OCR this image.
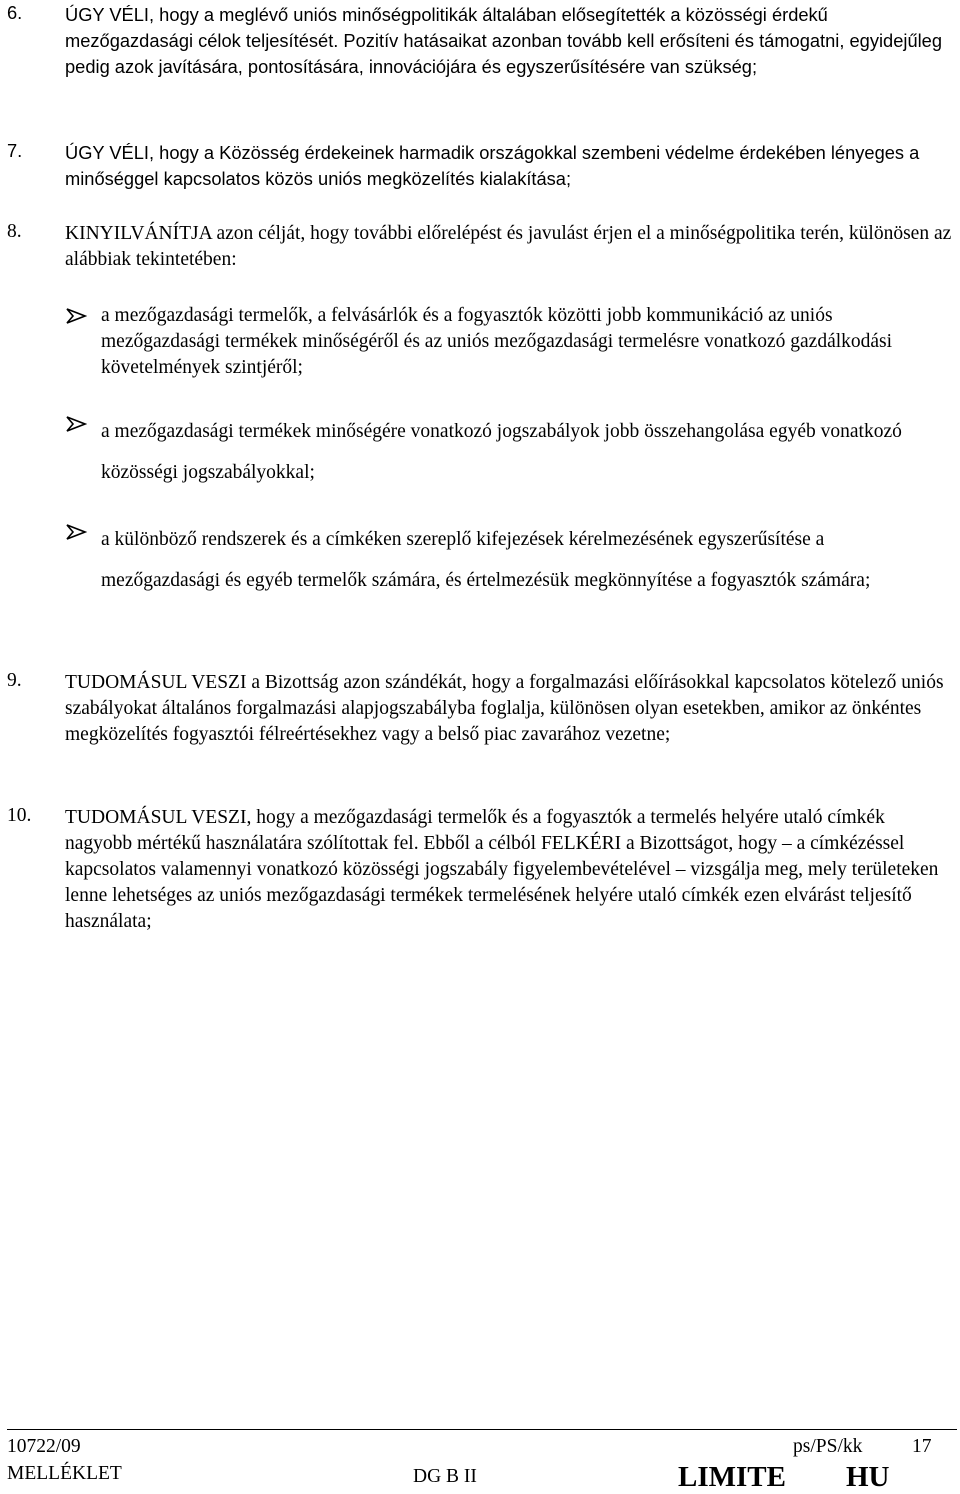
6. ÚGY VÉLI, hogy a meglévő uniós minőségpolitikák általában elősegítették a közösségi érdekű mezőgazdasági célok teljesítését. Pozitív hatásaikat azonban tovább kell erősíteni és támogatni, egyidejűleg pedig azok javítására, pontosítására, innovációjára és egyszerűsítésére van szükség;
7. ÚGY VÉLI, hogy a Közösség érdekeinek harmadik országokkal szembeni védelme érdekében lényeges a minőséggel kapcsolatos közös uniós megközelítés kialakítása;
8. KINYILVÁNÍTJA azon célját, hogy további előrelépést és javulást érjen el a minőségpolitika terén, különösen az alábbiak tekintetében:
a mezőgazdasági termelők, a felvásárlók és a fogyasztók közötti jobb kommunikáció az uniós mezőgazdasági termékek minőségéről és az uniós mezőgazdasági termelésre vonatkozó gazdálkodási követelmények szintjéről;
a mezőgazdasági termékek minőségére vonatkozó jogszabályok jobb összehangolása egyéb vonatkozó közösségi jogszabályokkal;
a különböző rendszerek és a címkéken szereplő kifejezések kérelmezésének egyszerűsítése a mezőgazdasági és egyéb termelők számára, és értelmezésük megkönnyítése a fogyasztók számára;
9. TUDOMÁSUL VESZI a Bizottság azon szándékát, hogy a forgalmazási előírásokkal kapcsolatos kötelező uniós szabályokat általános forgalmazási alapjogszabályba foglalja, különösen olyan esetekben, amikor az önkéntes megközelítés fogyasztói félreértésekhez vagy a belső piac zavarához vezetne;
10. TUDOMÁSUL VESZI, hogy a mezőgazdasági termelők és a fogyasztók a termelés helyére utaló címkék nagyobb mértékű használatára szólítottak fel. Ebből a célból FELKÉRI a Bizottságot, hogy – a címkézéssel kapcsolatos valamennyi vonatkozó közösségi jogszabály figyelembevételével – vizsgálja meg, mely területeken lenne lehetséges az uniós mezőgazdasági termékek termelésének helyére utaló címkék ezen elvárást teljesítő használata;
10722/09
MELLÉKLET
ps/PS/kk	17
DG B II	LIMITE HU
